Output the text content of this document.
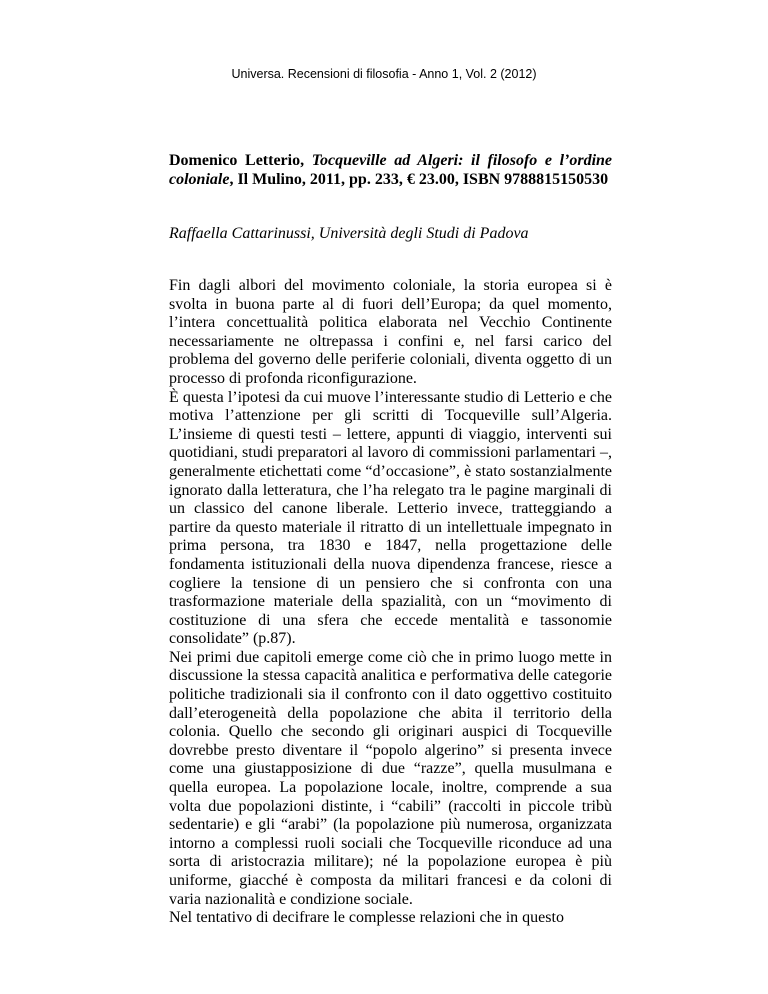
Universa. Recensioni di filosofia - Anno 1, Vol. 2 (2012)
Domenico Letterio, Tocqueville ad Algeri: il filosofo e l’ordine coloniale, Il Mulino, 2011, pp. 233, € 23.00, ISBN 9788815150530
Raffaella Cattarinussi, Università degli Studi di Padova

Fin dagli albori del movimento coloniale, la storia europea si è svolta in buona parte al di fuori dell’Europa; da quel momento, l’intera concettualità politica elaborata nel Vecchio Continente necessariamente ne oltrepassa i confini e, nel farsi carico del problema del governo delle periferie coloniali, diventa oggetto di un processo di profonda riconfigurazione.

È questa l’ipotesi da cui muove l’interessante studio di Letterio e che motiva l’attenzione per gli scritti di Tocqueville sull’Algeria. L’insieme di questi testi – lettere, appunti di viaggio, interventi sui quotidiani, studi preparatori al lavoro di commissioni parlamentari –, generalmente etichettati come “d’occasione”, è stato sostanzialmente ignorato dalla letteratura, che l’ha relegato tra le pagine marginali di un classico del canone liberale. Letterio invece, tratteggiando a partire da questo materiale il ritratto di un intellettuale impegnato in prima persona, tra 1830 e 1847, nella progettazione delle fondamenta istituzionali della nuova dipendenza francese, riesce a cogliere la tensione di un pensiero che si confronta con una trasformazione materiale della spazialità, con un “movimento di costituzione di una sfera che eccede mentalità e tassonomie consolidate” (p.87).

Nei primi due capitoli emerge come ciò che in primo luogo mette in discussione la stessa capacità analitica e performativa delle categorie politiche tradizionali sia il confronto con il dato oggettivo costituito dall’eterogeneità della popolazione che abita il territorio della colonia. Quello che secondo gli originari auspici di Tocqueville dovrebbe presto diventare il “popolo algerino” si presenta invece come una giustapposizione di due “razze”, quella musulmana e quella europea. La popolazione locale, inoltre, comprende a sua volta due popolazioni distinte, i “cabili” (raccolti in piccole tribù sedentarie) e gli “arabi” (la popolazione più numerosa, organizzata intorno a complessi ruoli sociali che Tocqueville riconduce ad una sorta di aristocrazia militare); né la popolazione europea è più uniforme, giacché è composta da militari francesi e da coloni di varia nazionalità e condizione sociale.

Nel tentativo di decifrare le complesse relazioni che in questo
